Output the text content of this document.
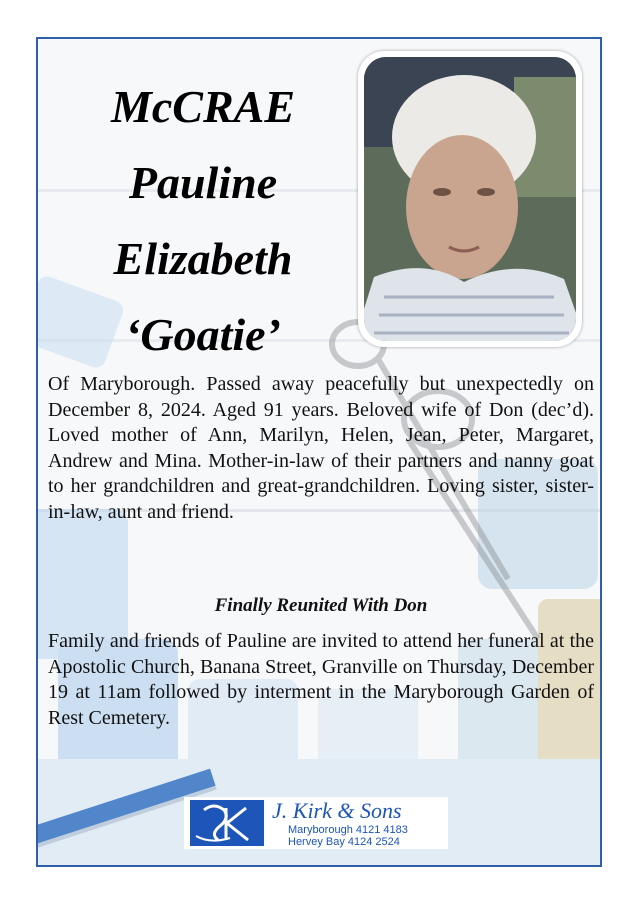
McCRAE
Pauline
Elizabeth
‘Goatie’
Of Maryborough. Passed away peacefully but unexpectedly on December 8, 2024. Aged 91 years. Beloved wife of Don (dec’d). Loved mother of Ann, Marilyn, Helen, Jean, Peter, Margaret, Andrew and Mina. Mother-in-law of their partners and nanny goat to her grandchildren and great-grandchildren. Loving sister, sister-in-law, aunt and friend.
Finally Reunited With Don
Family and friends of Pauline are invited to attend her funeral at the Apostolic Church, Banana Street, Granville on Thursday, December 19 at 11am followed by interment in the Maryborough Garden of Rest Cemetery.
J. Kirk & Sons
Maryborough 4121 4183
Hervey Bay 4124 2524
